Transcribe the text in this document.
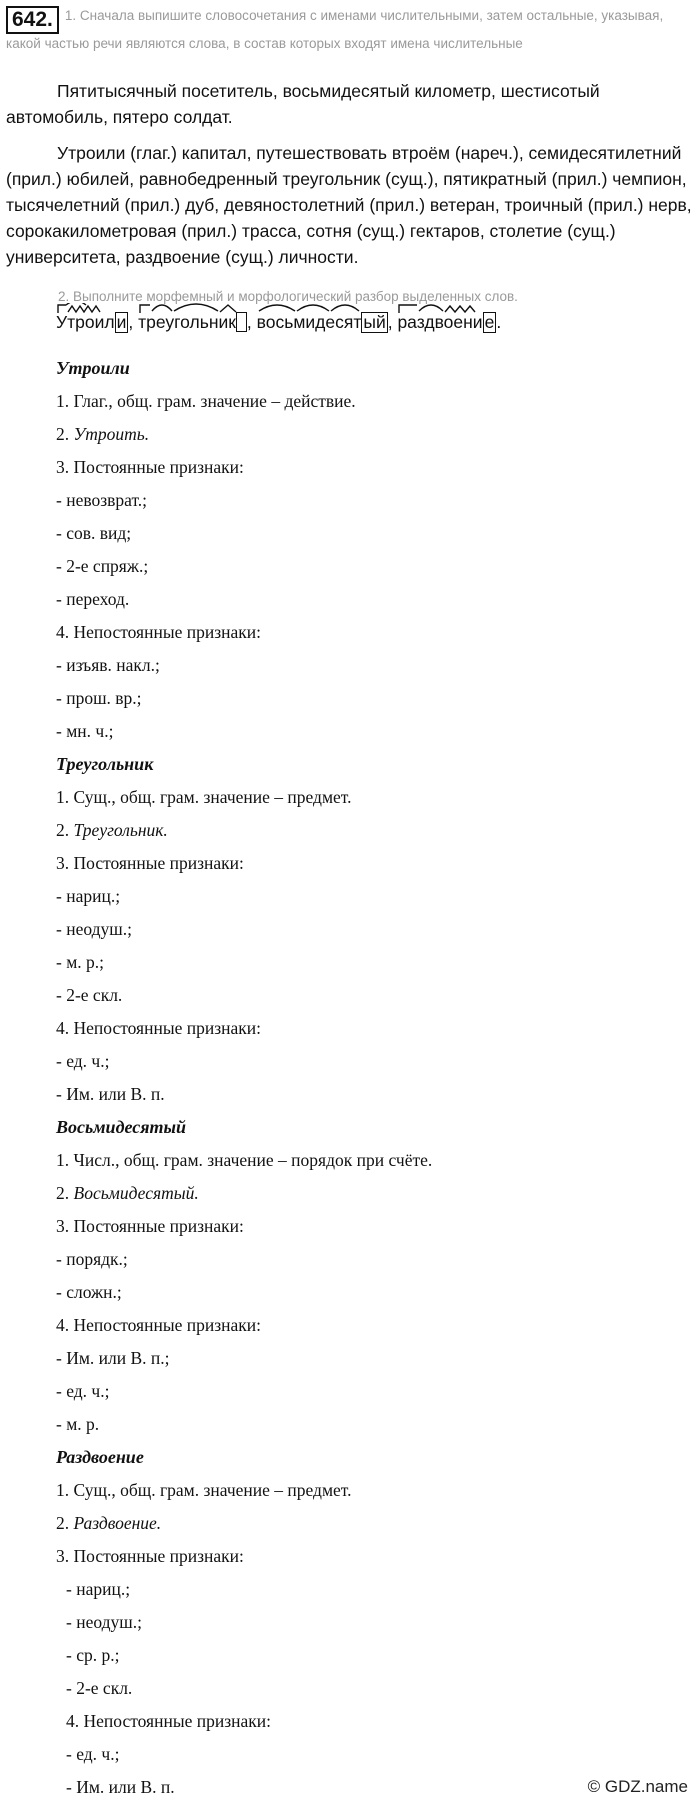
642. 1. Сначала выпишите словосочетания с именами числительными, затем остальные, указывая, какой частью речи являются слова, в состав которых входят имена числительные
Пятитысячный посетитель, восьмидесятый километр, шестисотый автомобиль, пятеро солдат.
Утроили (глаг.) капитал, путешествовать втроём (нареч.), семидесятилетний (прил.) юбилей, равнобедренный треугольник (сущ.), пятикратный (прил.) чемпион, тысячелетний (прил.) дуб, девяностолетний (прил.) ветеран, троичный (прил.) нерв, сорокакилометровая (прил.) трасса, сотня (сущ.) гектаров, столетие (сущ.) университета, раздвоение (сущ.) личности.
2. Выполните морфемный и морфологический разбор выделенных слов.
Утроил и ,
треугольник ,
восьмидесят ый ,
раздвоени е .
Утроили
1. Глаг., общ. грам. значение – действие.
2. Утроить.
3. Постоянные признаки:
- невозврат.;
- сов. вид;
- 2-е спряж.;
- переход.
4. Непостоянные признаки:
- изъяв. накл.;
- прош. вр.;
- мн. ч.;
Треугольник
1. Сущ., общ. грам. значение – предмет.
2. Треугольник.
3. Постоянные признаки:
- нариц.;
- неодуш.;
- м. р.;
- 2-е скл.
4. Непостоянные признаки:
- ед. ч.;
- Им. или В. п.
Восьмидесятый
1. Числ., общ. грам. значение – порядок при счёте.
2. Восьмидесятый.
3. Постоянные признаки:
- порядк.;
- сложн.;
4. Непостоянные признаки:
- Им. или В. п.;
- ед. ч.;
- м. р.
Раздвоение
1. Сущ., общ. грам. значение – предмет.
2. Раздвоение.
3. Постоянные признаки:
- нариц.;
- неодуш.;
- ср. р.;
- 2-е скл.
4. Непостоянные признаки:
- ед. ч.;
- Им. или В. п.	© GDZ.name
